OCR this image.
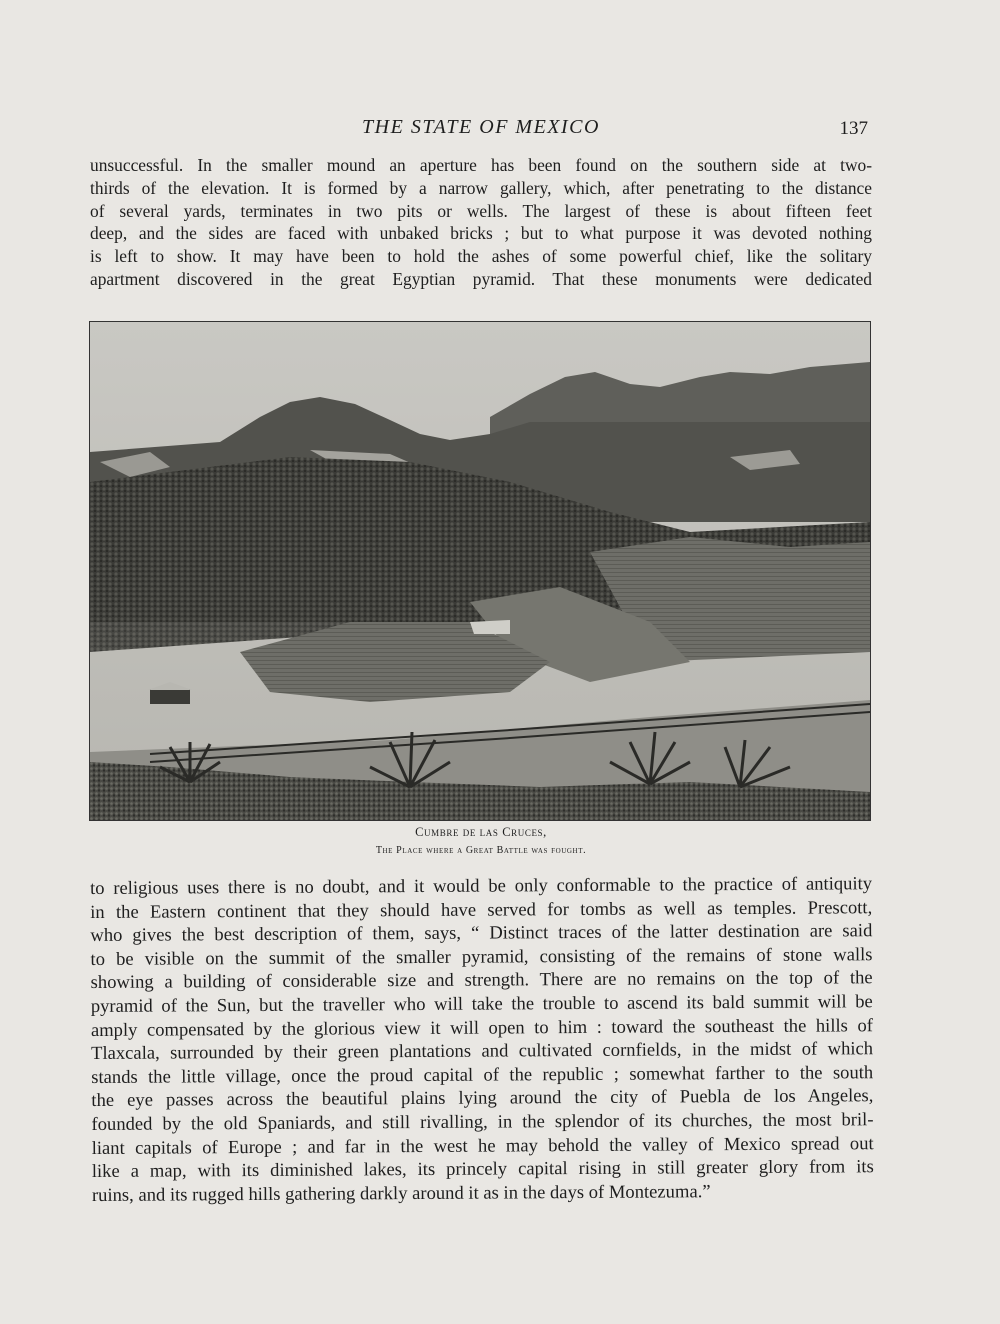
THE STATE OF MEXICO	137
unsuccessful. In the smaller mound an aperture has been found on the southern side at two-
thirds of the elevation. It is formed by a narrow gallery, which, after penetrating to the distance
of several yards, terminates in two pits or wells. The largest of these is about fifteen feet
deep, and the sides are faced with unbaked bricks ; but to what purpose it was devoted nothing
is left to show. It may have been to hold the ashes of some powerful chief, like the solitary
apartment discovered in the great Egyptian pyramid. That these monuments were dedicated
Cumbre de las Cruces,
The Place where a Great Battle was fought.
to religious uses there is no doubt, and it would be only conformable to the practice of antiquity
in the Eastern continent that they should have served for tombs as well as temples. Prescott,
who gives the best description of them, says, “ Distinct traces of the latter destination are said
to be visible on the summit of the smaller pyramid, consisting of the remains of stone walls
showing a building of considerable size and strength. There are no remains on the top of the
pyramid of the Sun, but the traveller who will take the trouble to ascend its bald summit will be
amply compensated by the glorious view it will open to him : toward the southeast the hills of
Tlaxcala, surrounded by their green plantations and cultivated cornfields, in the midst of which
stands the little village, once the proud capital of the republic ; somewhat farther to the south
the eye passes across the beautiful plains lying around the city of Puebla de los Angeles,
founded by the old Spaniards, and still rivalling, in the splendor of its churches, the most bril-
liant capitals of Europe ; and far in the west he may behold the valley of Mexico spread out
like a map, with its diminished lakes, its princely capital rising in still greater glory from its
ruins, and its rugged hills gathering darkly around it as in the days of Montezuma.”
